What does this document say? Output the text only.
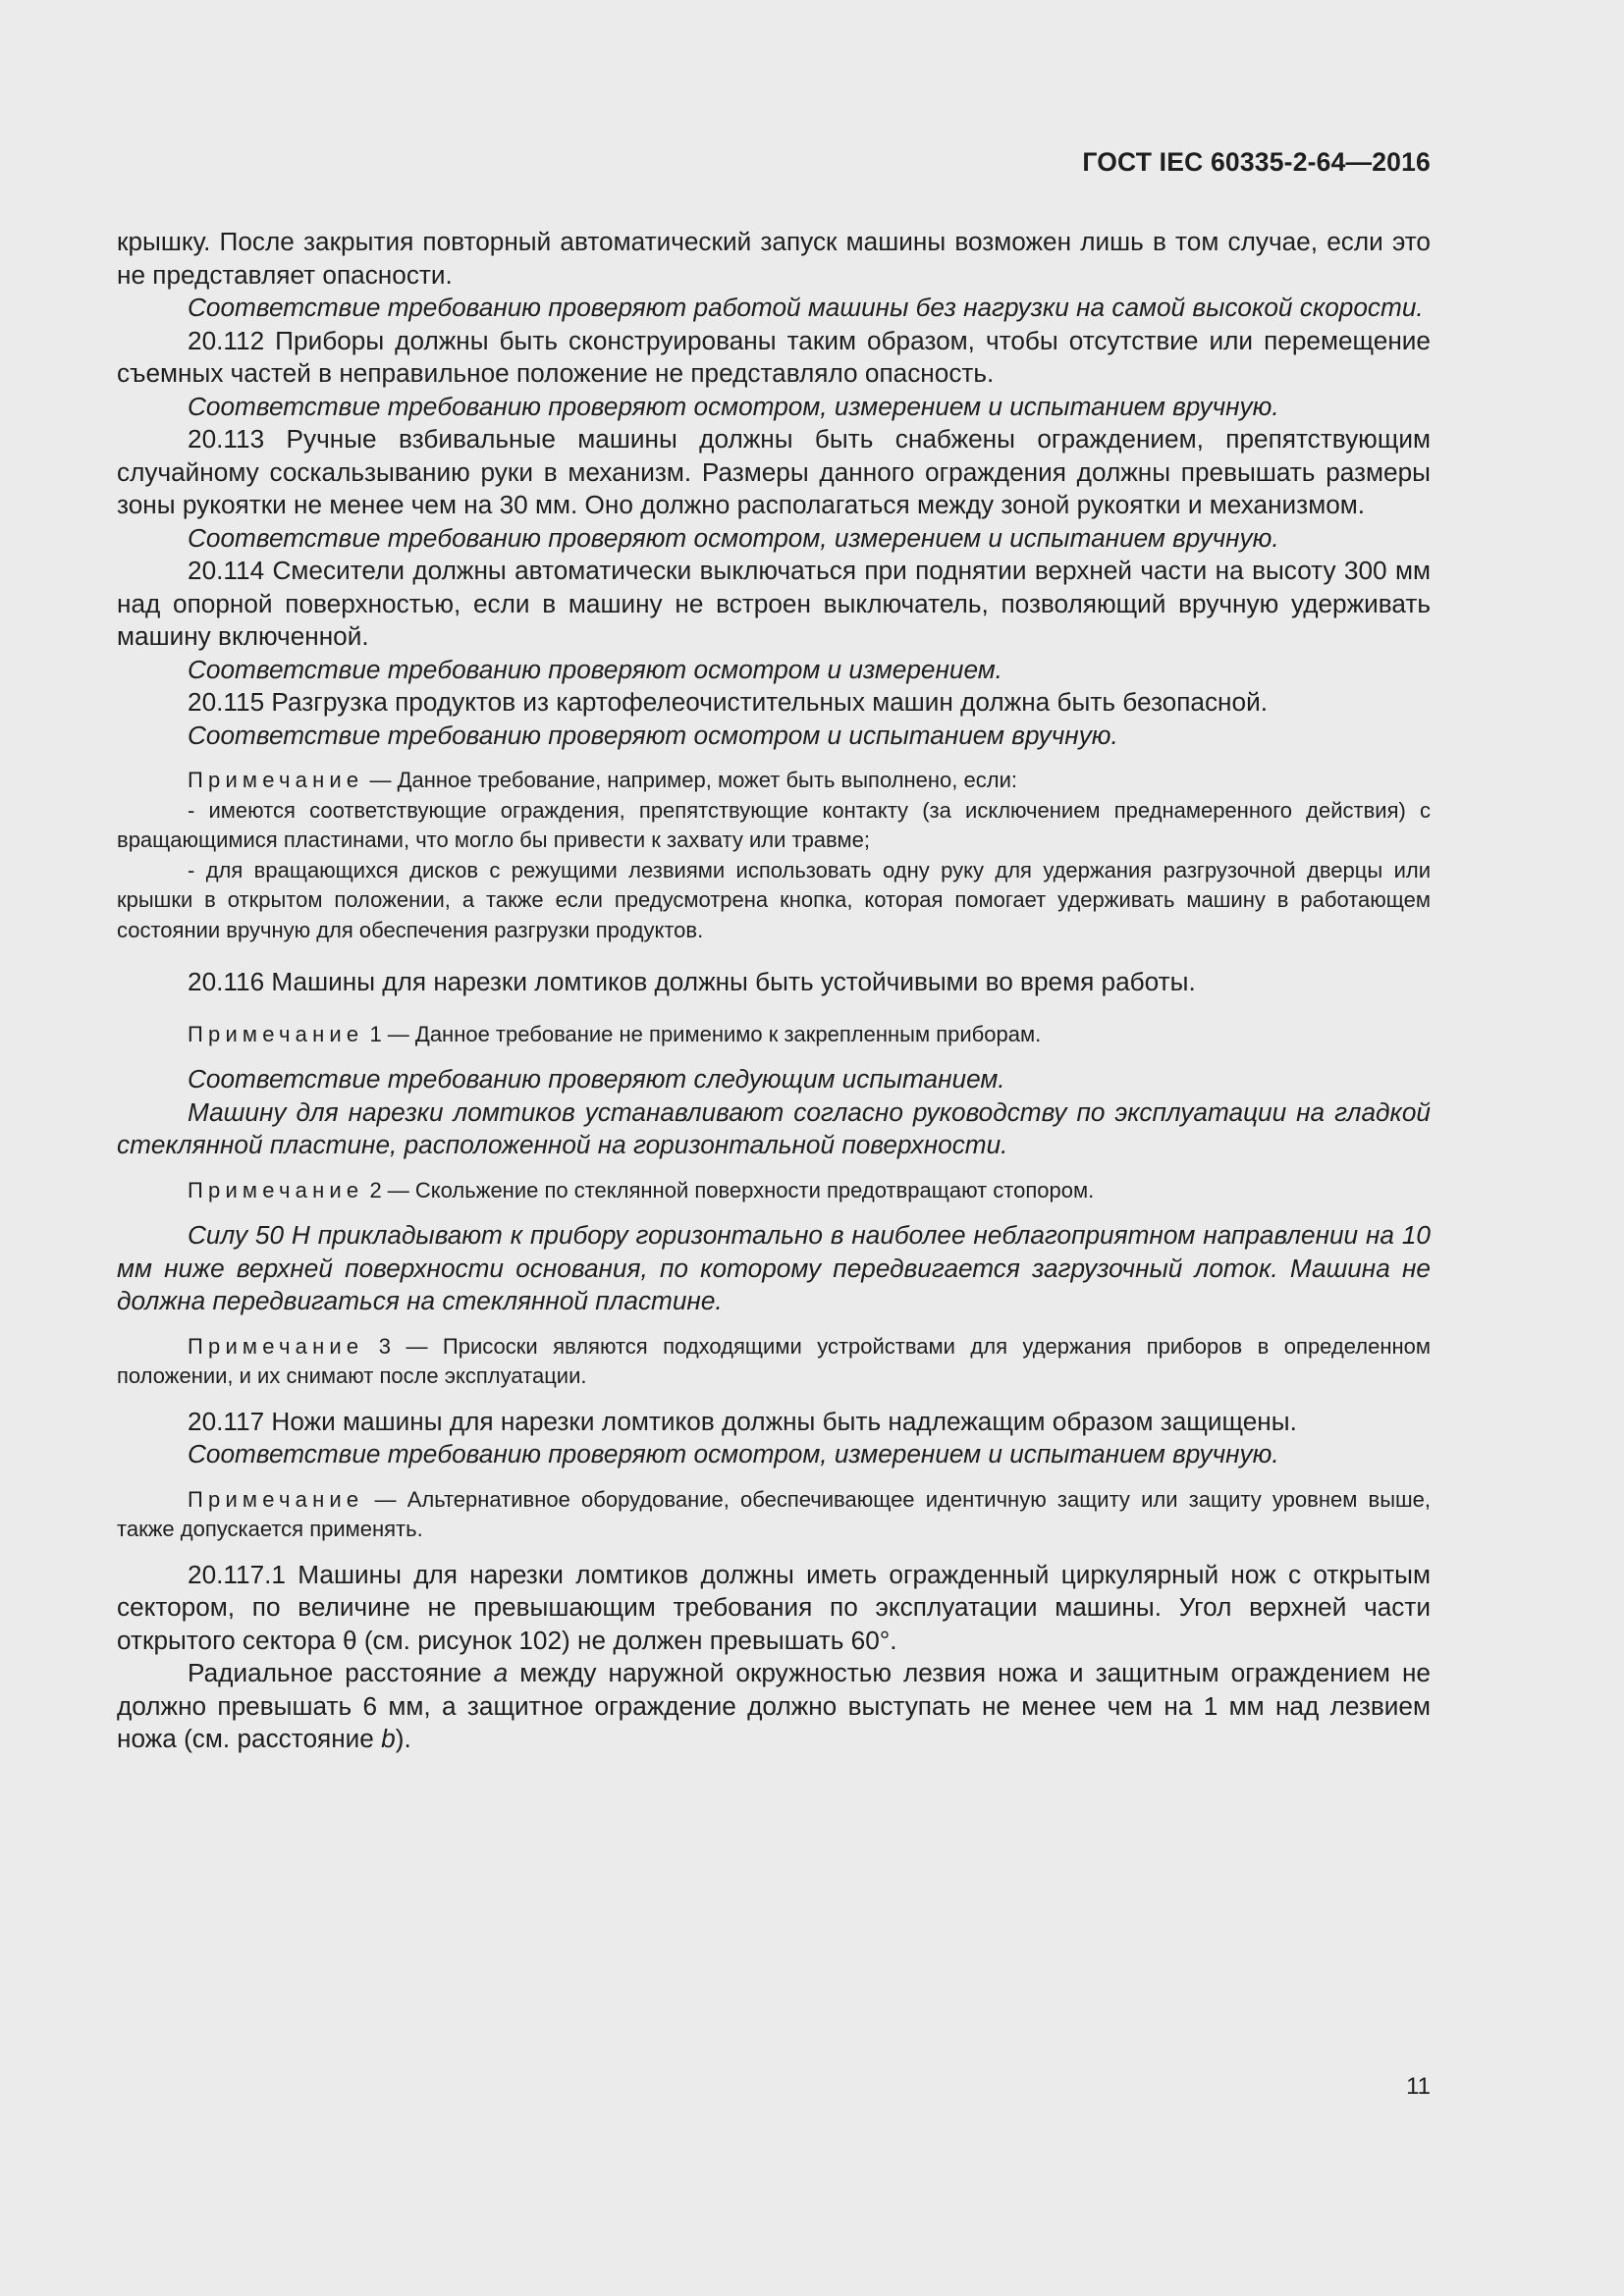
ГОСТ IEC 60335-2-64—2016

крышку. После закрытия повторный автоматический запуск машины возможен лишь в том случае, если это не представляет опасности.

Соответствие требованию проверяют работой машины без нагрузки на самой высокой скорости.

20.112 Приборы должны быть сконструированы таким образом, чтобы отсутствие или перемещение съемных частей в неправильное положение не представляло опасность.

Соответствие требованию проверяют осмотром, измерением и испытанием вручную.

20.113 Ручные взбивальные машины должны быть снабжены ограждением, препятствующим случайному соскальзыванию руки в механизм. Размеры данного ограждения должны превышать размеры зоны рукоятки не менее чем на 30 мм. Оно должно располагаться между зоной рукоятки и механизмом.

Соответствие требованию проверяют осмотром, измерением и испытанием вручную.

20.114 Смесители должны автоматически выключаться при поднятии верхней части на высоту 300 мм над опорной поверхностью, если в машину не встроен выключатель, позволяющий вручную удерживать машину включенной.

Соответствие требованию проверяют осмотром и измерением.

20.115 Разгрузка продуктов из картофелеочистительных машин должна быть безопасной.

Соответствие требованию проверяют осмотром и испытанием вручную.

Примечание — Данное требование, например, может быть выполнено, если:

- имеются соответствующие ограждения, препятствующие контакту (за исключением преднамеренного действия) с вращающимися пластинами, что могло бы привести к захвату или травме;

- для вращающихся дисков с режущими лезвиями использовать одну руку для удержания разгрузочной дверцы или крышки в открытом положении, а также если предусмотрена кнопка, которая помогает удерживать машину в работающем состоянии вручную для обеспечения разгрузки продуктов.

20.116 Машины для нарезки ломтиков должны быть устойчивыми во время работы.

Примечание 1 — Данное требование не применимо к закрепленным приборам.

Соответствие требованию проверяют следующим испытанием.

Машину для нарезки ломтиков устанавливают согласно руководству по эксплуатации на гладкой стеклянной пластине, расположенной на горизонтальной поверхности.

Примечание 2 — Скольжение по стеклянной поверхности предотвращают стопором.

Силу 50 Н прикладывают к прибору горизонтально в наиболее неблагоприятном направлении на 10 мм ниже верхней поверхности основания, по которому передвигается загрузочный лоток. Машина не должна передвигаться на стеклянной пластине.

Примечание 3 — Присоски являются подходящими устройствами для удержания приборов в определенном положении, и их снимают после эксплуатации.

20.117 Ножи машины для нарезки ломтиков должны быть надлежащим образом защищены.

Соответствие требованию проверяют осмотром, измерением и испытанием вручную.

Примечание — Альтернативное оборудование, обеспечивающее идентичную защиту или защиту уровнем выше, также допускается применять.

20.117.1 Машины для нарезки ломтиков должны иметь огражденный циркулярный нож с открытым сектором, по величине не превышающим требования по эксплуатации машины. Угол верхней части открытого сектора θ (см. рисунок 102) не должен превышать 60°.

Радиальное расстояние a между наружной окружностью лезвия ножа и защитным ограждением не должно превышать 6 мм, а защитное ограждение должно выступать не менее чем на 1 мм над лезвием ножа (см. расстояние b).

11
